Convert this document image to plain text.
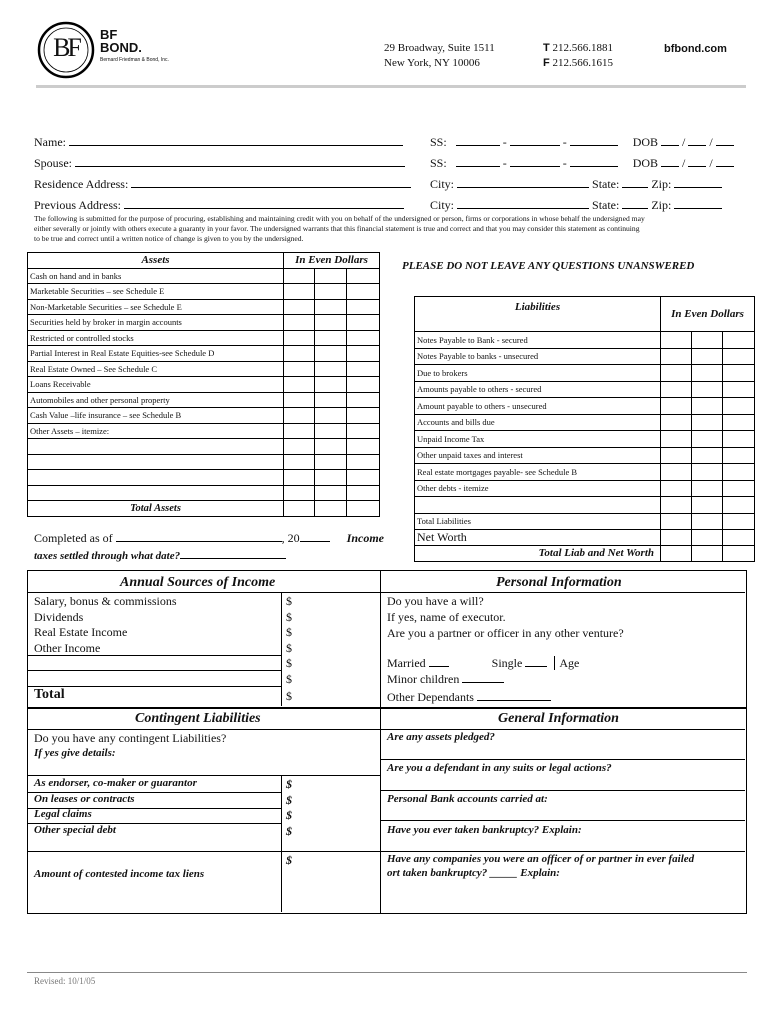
BF	BF
BOND.
Bernard Friedman & Bond, Inc.
29 Broadway, Suite 1511
New York, NY 10006
T 212.566.1881
F 212.566.1615
bfbond.com
Name:
Spouse:
Residence Address:
Previous Address:
SS:	-	-	DOB  /  /
SS:	-	-	DOB  /  /
City:	State:	Zip:
City:	State:	Zip:
The following is submitted for the purpose of procuring, establishing and maintaining credit with you on behalf of the undersigned or person, firms or corporations in whose behalf the undersigned may
either severally or jointly with others execute a guaranty in your favor. The undersigned warrants that this financial statement is true and correct and that you may consider this statement as continuing
to be true and correct until a written notice of change is given to you by the undersigned.
Assets	In Even Dollars		
Cash on hand and in banks			
Marketable Securities – see Schedule E			
Non-Marketable Securities – see Schedule E			
Securities held by broker in margin accounts			
Restricted or controlled stocks			
Partial Interest in Real Estate Equities-see Schedule D			
Real Estate Owned – See Schedule C			
Loans Receivable			
Automobiles and other personal property			
Cash Value –life insurance – see Schedule B			
Other Assets – itemize:			

Total Assets			
PLEASE DO NOT LEAVE ANY QUESTIONS UNANSWERED
Liabilities	In Even Dollars		
Notes Payable to Bank - secured			
Notes Payable to banks - unsecured			
Due to brokers			
Amounts payable to others - secured			
Amount payable to others - unsecured			
Accounts and bills due			
Unpaid Income Tax			
Other unpaid taxes and interest			
Real estate mortgages payable- see Schedule B			
Other debts - itemize			

Total Liabilities			
Net Worth			
Total Liab and Net Worth			
Completed as of	, 20	Income
taxes settled through what date?
Annual Sources of Income
Salary, bonus & commissions	$
Dividends	$
Real Estate Income	$
Other Income	$
$
$
Total	$
Personal Information
Do you have a will?
If yes, name of executor.
Are you a partner or officer in any other venture?
Married	Single	Age
Minor children
Other Dependants
Contingent Liabilities
Do you have any contingent Liabilities?
If yes give details:
As endorser, co-maker or guarantor	$
On leases or contracts	$
Legal claims	$
Other special debt	$
$
Amount of contested income tax liens
General Information
Are any assets pledged?
Are you a defendant in any suits or legal actions?
Personal Bank accounts carried at:
Have you ever taken bankruptcy? Explain:
Have any companies you were an officer of or partner in ever failed
ort taken bankruptcy? _____ Explain:
Revised: 10/1/05
